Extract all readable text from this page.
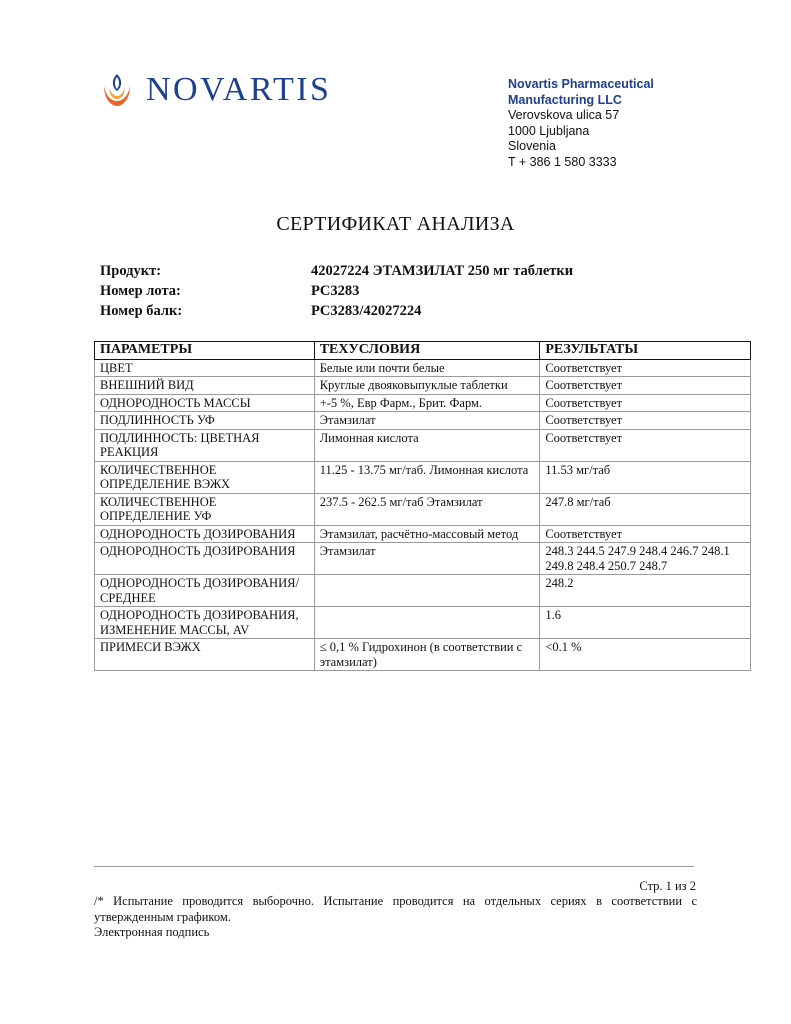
NOVARTIS	Novartis Pharmaceutical
Manufacturing LLC
Verovskova ulica 57
1000 Ljubljana
Slovenia
T + 386 1 580 3333
СЕРТИФИКАТ АНАЛИЗА
Продукт:	42027224 ЭТАМЗИЛАТ 250 мг таблетки
Номер лота:	PC3283
Номер балк:	PC3283/42027224
ПАРАМЕТРЫ	ТЕХУСЛОВИЯ	РЕЗУЛЬТАТЫ
ЦВЕТ	Белые или почти белые	Соответствует
ВНЕШНИЙ ВИД	Круглые двояковыпуклые таблетки	Соответствует
ОДНОРОДНОСТЬ МАССЫ	+-5 %, Евр Фарм., Брит. Фарм.	Соответствует
ПОДЛИННОСТЬ УФ	Этамзилат	Соответствует
ПОДЛИННОСТЬ: ЦВЕТНАЯ РЕАКЦИЯ	Лимонная кислота	Соответствует
КОЛИЧЕСТВЕННОЕ ОПРЕДЕЛЕНИЕ ВЭЖХ	11.25 - 13.75 мг/таб. Лимонная кислота	11.53 мг/таб
КОЛИЧЕСТВЕННОЕ ОПРЕДЕЛЕНИЕ УФ	237.5 - 262.5 мг/таб Этамзилат	247.8 мг/таб
ОДНОРОДНОСТЬ ДОЗИРОВАНИЯ	Этамзилат, расчётно-массовый метод	Соответствует
ОДНОРОДНОСТЬ ДОЗИРОВАНИЯ	Этамзилат	248.3 244.5 247.9 248.4 246.7 248.1 249.8 248.4 250.7 248.7
ОДНОРОДНОСТЬ ДОЗИРОВАНИЯ/СРЕДНЕЕ		248.2
ОДНОРОДНОСТЬ ДОЗИРОВАНИЯ, ИЗМЕНЕНИЕ МАССЫ, AV		1.6
ПРИМЕСИ ВЭЖХ	≤ 0,1 % Гидрохинон (в соответствии с этамзилат)	<0.1 %
Стр. 1 из 2
/* Испытание проводится выборочно. Испытание проводится на отдельных сериях в соответствии с утвержденным графиком.
Электронная подпись
